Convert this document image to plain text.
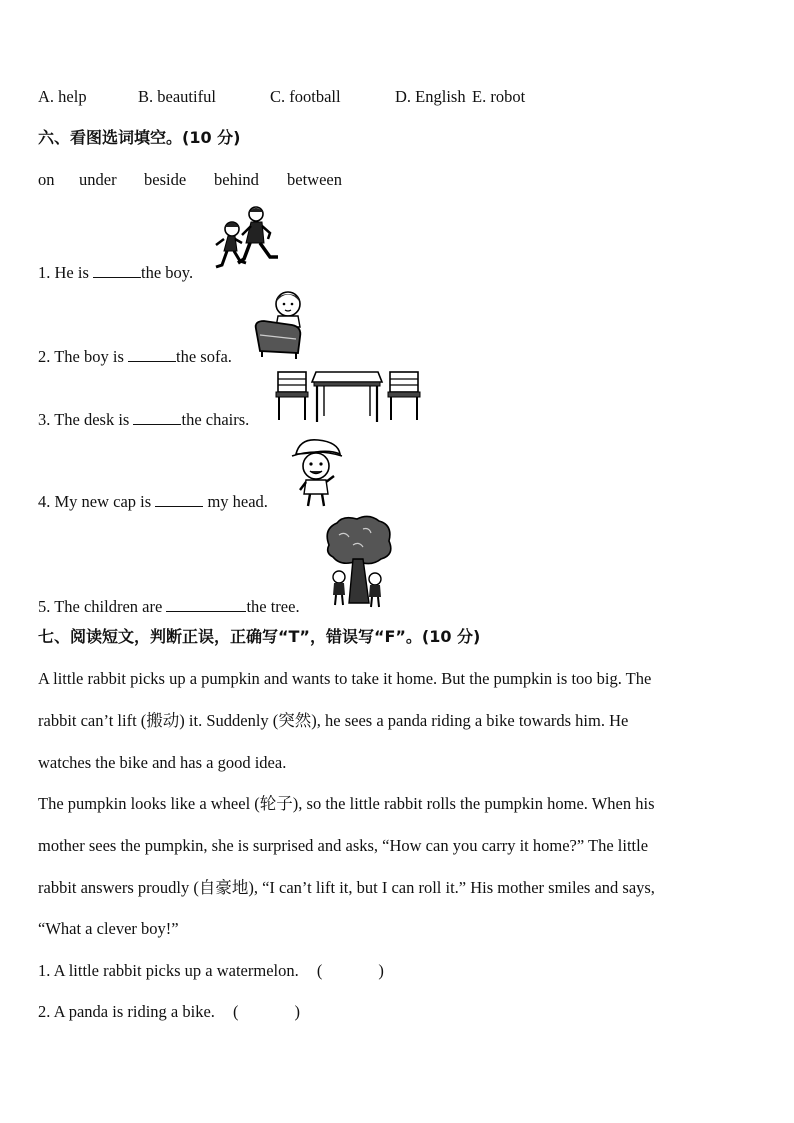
A. help	B. beautiful	C. football	D. English E. robot
六、看图选词填空。(10 分)
on under beside behind between
1. He is	the boy.
2. The boy is	the sofa.
3. The desk is	the chairs.
4. My new cap is	my head.
5. The children are	the tree.
七、阅读短文，判断正误，正确写“T”，错误写“F”。(10 分)
A little rabbit picks up a pumpkin and wants to take it home. But the pumpkin is too big. The
rabbit can’t lift (搬动) it. Suddenly (突然), he sees a panda riding a bike towards him. He
watches the bike and has a good idea.
The pumpkin looks like a wheel (轮子), so the little rabbit rolls the pumpkin home. When his
mother sees the pumpkin, she is surprised and asks, “How can you carry it home?” The little
rabbit answers proudly (自豪地), “I can’t lift it, but I can roll it.” His mother smiles and says,
“What a clever boy!”
1. A little rabbit picks up a watermelon. (	)
2. A panda is riding a bike. (	)
